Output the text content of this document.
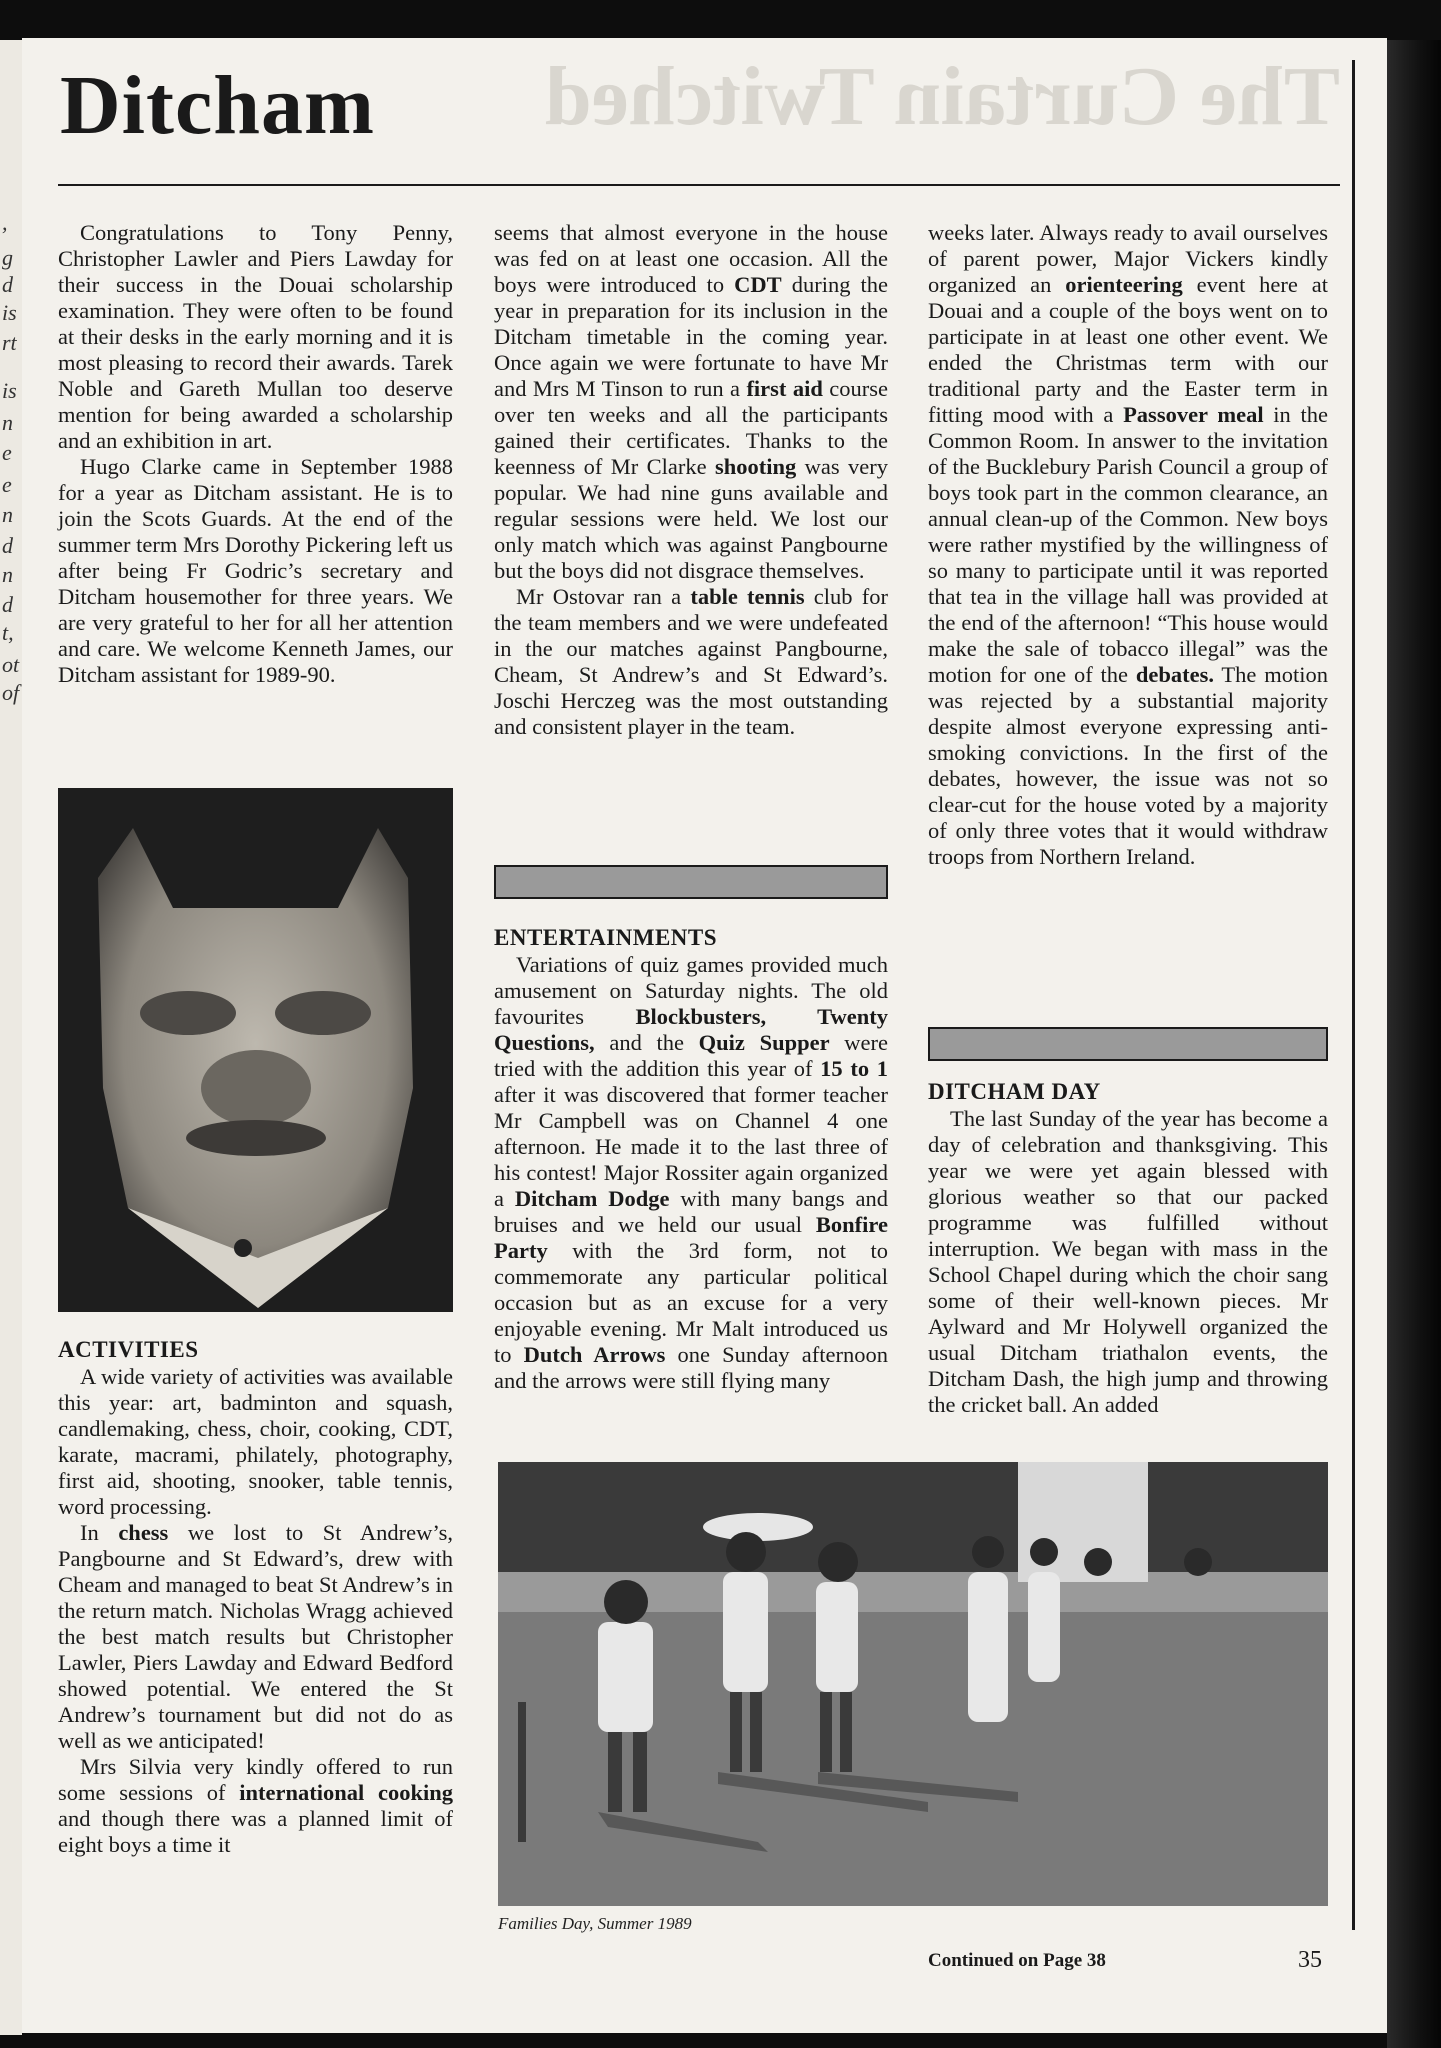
,
g
d
is
rt
is
n
e
e
n
d
n
d
t,
ot
of
The Curtain Twitched
Ditcham

Congratulations to Tony Penny, Christopher Lawler and Piers Lawday for their success in the Douai scholarship examination. They were often to be found at their desks in the early morning and it is most pleasing to record their awards. Tarek Noble and Gareth Mullan too deserve mention for being awarded a scholarship and an exhibition in art.

Hugo Clarke came in September 1988 for a year as Ditcham assistant. He is to join the Scots Guards. At the end of the summer term Mrs Dorothy Pickering left us after being Fr Godric’s secretary and Ditcham housemother for three years. We are very grateful to her for all her attention and care. We welcome Kenneth James, our Ditcham assistant for 1989-90.

ACTIVITIES

A wide variety of activities was available this year: art, badminton and squash, candlemaking, chess, choir, cooking, CDT, karate, macrami, philately, photography, first aid, shooting, snooker, table tennis, word processing.

In chess we lost to St Andrew’s, Pangbourne and St Edward’s, drew with Cheam and managed to beat St Andrew’s in the return match. Nicholas Wragg achieved the best match results but Christopher Lawler, Piers Lawday and Edward Bedford showed potential. We entered the St Andrew’s tournament but did not do as well as we anticipated!

Mrs Silvia very kindly offered to run some sessions of international cooking and though there was a planned limit of eight boys a time it

seems that almost everyone in the house was fed on at least one occasion. All the boys were introduced to CDT during the year in preparation for its inclusion in the Ditcham timetable in the coming year. Once again we were fortunate to have Mr and Mrs M Tinson to run a first aid course over ten weeks and all the participants gained their certificates. Thanks to the keenness of Mr Clarke shooting was very popular. We had nine guns available and regular sessions were held. We lost our only match which was against Pangbourne but the boys did not disgrace themselves.

Mr Ostovar ran a table tennis club for the team members and we were undefeated in the our matches against Pangbourne, Cheam, St Andrew’s and St Edward’s. Joschi Herczeg was the most outstanding and consistent player in the team.

ENTERTAINMENTS

Variations of quiz games provided much amusement on Saturday nights. The old favourites Blockbusters, Twenty Questions, and the Quiz Supper were tried with the addition this year of 15 to 1 after it was discovered that former teacher Mr Campbell was on Channel 4 one afternoon. He made it to the last three of his contest! Major Rossiter again organized a Ditcham Dodge with many bangs and bruises and we held our usual Bonfire Party with the 3rd form, not to commemorate any particular political occasion but as an excuse for a very enjoyable evening. Mr Malt introduced us to Dutch Arrows one Sunday afternoon and the arrows were still flying many

weeks later. Always ready to avail ourselves of parent power, Major Vickers kindly organized an orienteering event here at Douai and a couple of the boys went on to participate in at least one other event. We ended the Christmas term with our traditional party and the Easter term in fitting mood with a Passover meal in the Common Room. In answer to the invitation of the Bucklebury Parish Council a group of boys took part in the common clearance, an annual clean-up of the Common. New boys were rather mystified by the willingness of so many to participate until it was reported that tea in the village hall was provided at the end of the afternoon! “This house would make the sale of tobacco illegal” was the motion for one of the debates. The motion was rejected by a substantial majority despite almost everyone expressing anti-smoking convictions. In the first of the debates, however, the issue was not so clear-cut for the house voted by a majority of only three votes that it would withdraw troops from Northern Ireland.

DITCHAM DAY

The last Sunday of the year has become a day of celebration and thanksgiving. This year we were yet again blessed with glorious weather so that our packed programme was fulfilled without interruption. We began with mass in the School Chapel during which the choir sang some of their well-known pieces. Mr Aylward and Mr Holywell organized the usual Ditcham triathalon events, the Ditcham Dash, the high jump and throwing the cricket ball. An added

Families Day, Summer 1989
Continued on Page 38	35
